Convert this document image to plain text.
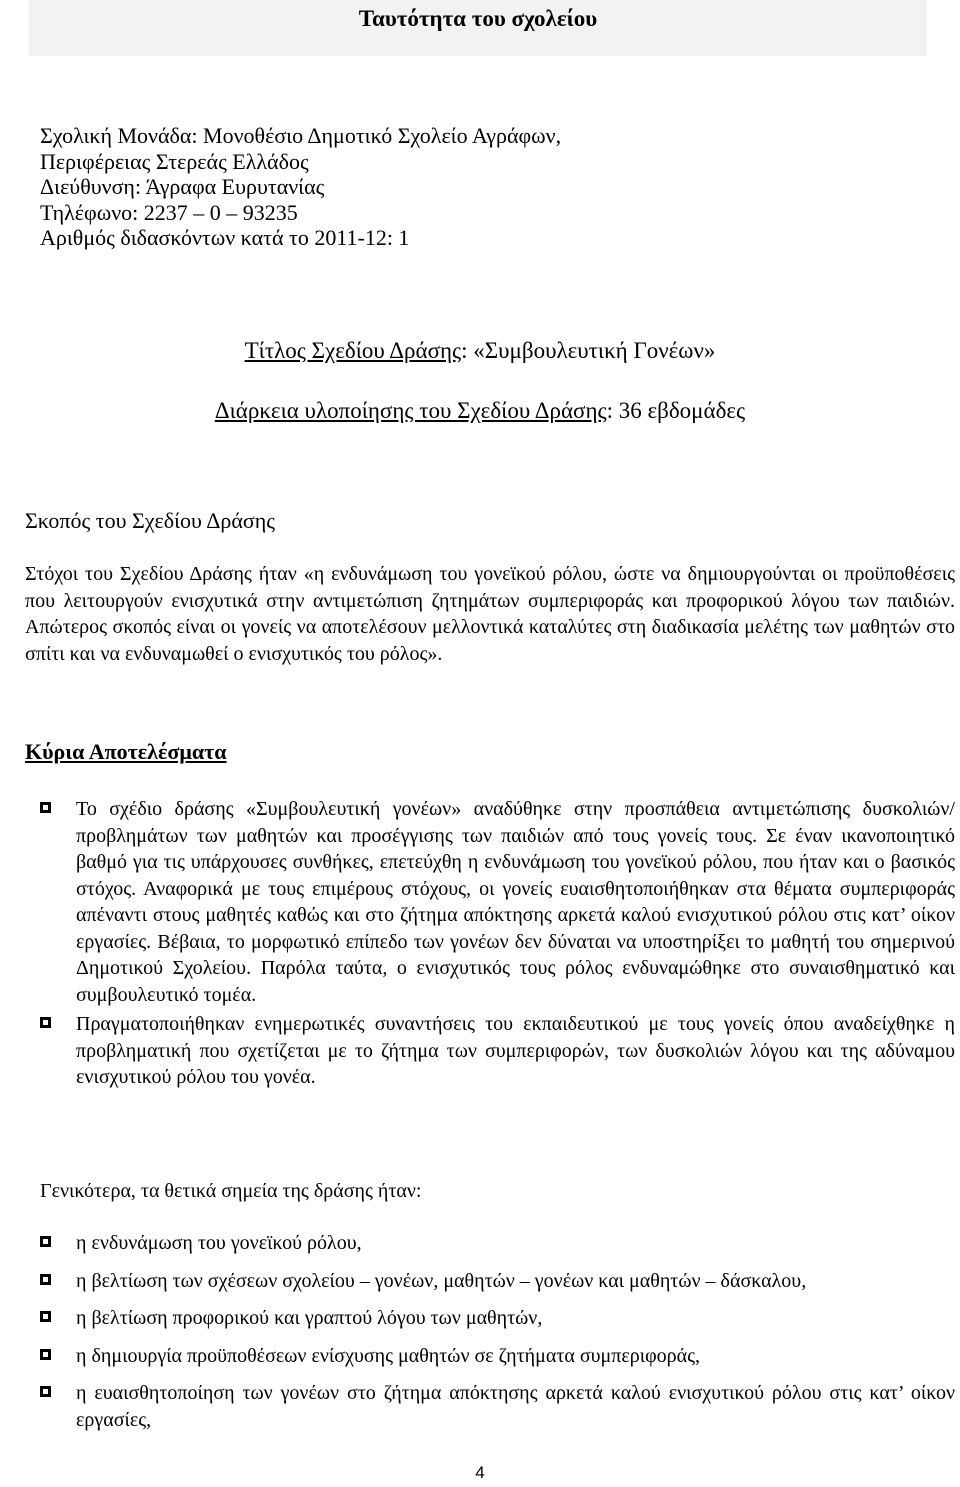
Ταυτότητα του σχολείου
Σχολική Μονάδα: Μονοθέσιο Δημοτικό Σχολείο Αγράφων,
Περιφέρειας Στερεάς Ελλάδος
Διεύθυνση: Άγραφα Ευρυτανίας
Τηλέφωνο: 2237 – 0 – 93235
Αριθμός διδασκόντων κατά το 2011-12: 1
Τίτλος Σχεδίου Δράσης: «Συμβουλευτική Γονέων»
Διάρκεια υλοποίησης του Σχεδίου Δράσης: 36 εβδομάδες
Σκοπός του Σχεδίου Δράσης

Στόχοι του Σχεδίου Δράσης ήταν «η ενδυνάμωση του γονεϊκού ρόλου, ώστε να δημιουργούνται οι προϋποθέσεις που λειτουργούν ενισχυτικά στην αντιμετώπιση ζητημάτων συμπεριφοράς και προφορικού λόγου των παιδιών. Απώτερος σκοπός είναι οι γονείς να αποτελέσουν μελλοντικά καταλύτες στη διαδικασία μελέτης των μαθητών στο σπίτι και να ενδυναμωθεί ο ενισχυτικός του ρόλος».

Κύρια Αποτελέσματα
Το σχέδιο δράσης «Συμβουλευτική γονέων» αναδύθηκε στην προσπάθεια αντιμετώπισης δυσκολιών/ προβλημάτων των μαθητών και προσέγγισης των παιδιών από τους γονείς τους. Σε έναν ικανοποιητικό βαθμό για τις υπάρχουσες συνθήκες, επετεύχθη η ενδυνάμωση του γονεϊκού ρόλου, που ήταν και ο βασικός στόχος. Αναφορικά με τους επιμέρους στόχους, οι γονείς ευαισθητοποιήθηκαν στα θέματα συμπεριφοράς απέναντι στους μαθητές καθώς και στο ζήτημα απόκτησης αρκετά καλού ενισχυτικού ρόλου στις κατ’ οίκον εργασίες. Βέβαια, το μορφωτικό επίπεδο των γονέων δεν δύναται να υποστηρίξει το μαθητή του σημερινού Δημοτικού Σχολείου. Παρόλα ταύτα, ο ενισχυτικός τους ρόλος ενδυναμώθηκε στο συναισθηματικό και συμβουλευτικό τομέα.
Πραγματοποιήθηκαν ενημερωτικές συναντήσεις του εκπαιδευτικού με τους γονείς όπου αναδείχθηκε η προβληματική που σχετίζεται με το ζήτημα των συμπεριφορών, των δυσκολιών λόγου και της αδύναμου ενισχυτικού ρόλου του γονέα.
Γενικότερα, τα θετικά σημεία της δράσης ήταν:
η ενδυνάμωση του γονεϊκού ρόλου,
η βελτίωση των σχέσεων σχολείου – γονέων, μαθητών – γονέων και μαθητών – δάσκαλου,
η βελτίωση προφορικού και γραπτού λόγου των μαθητών,
η δημιουργία προϋποθέσεων ενίσχυσης μαθητών σε ζητήματα συμπεριφοράς,
η ευαισθητοποίηση των γονέων στο ζήτημα απόκτησης αρκετά καλού ενισχυτικού ρόλου στις κατ’ οίκον εργασίες,
4
